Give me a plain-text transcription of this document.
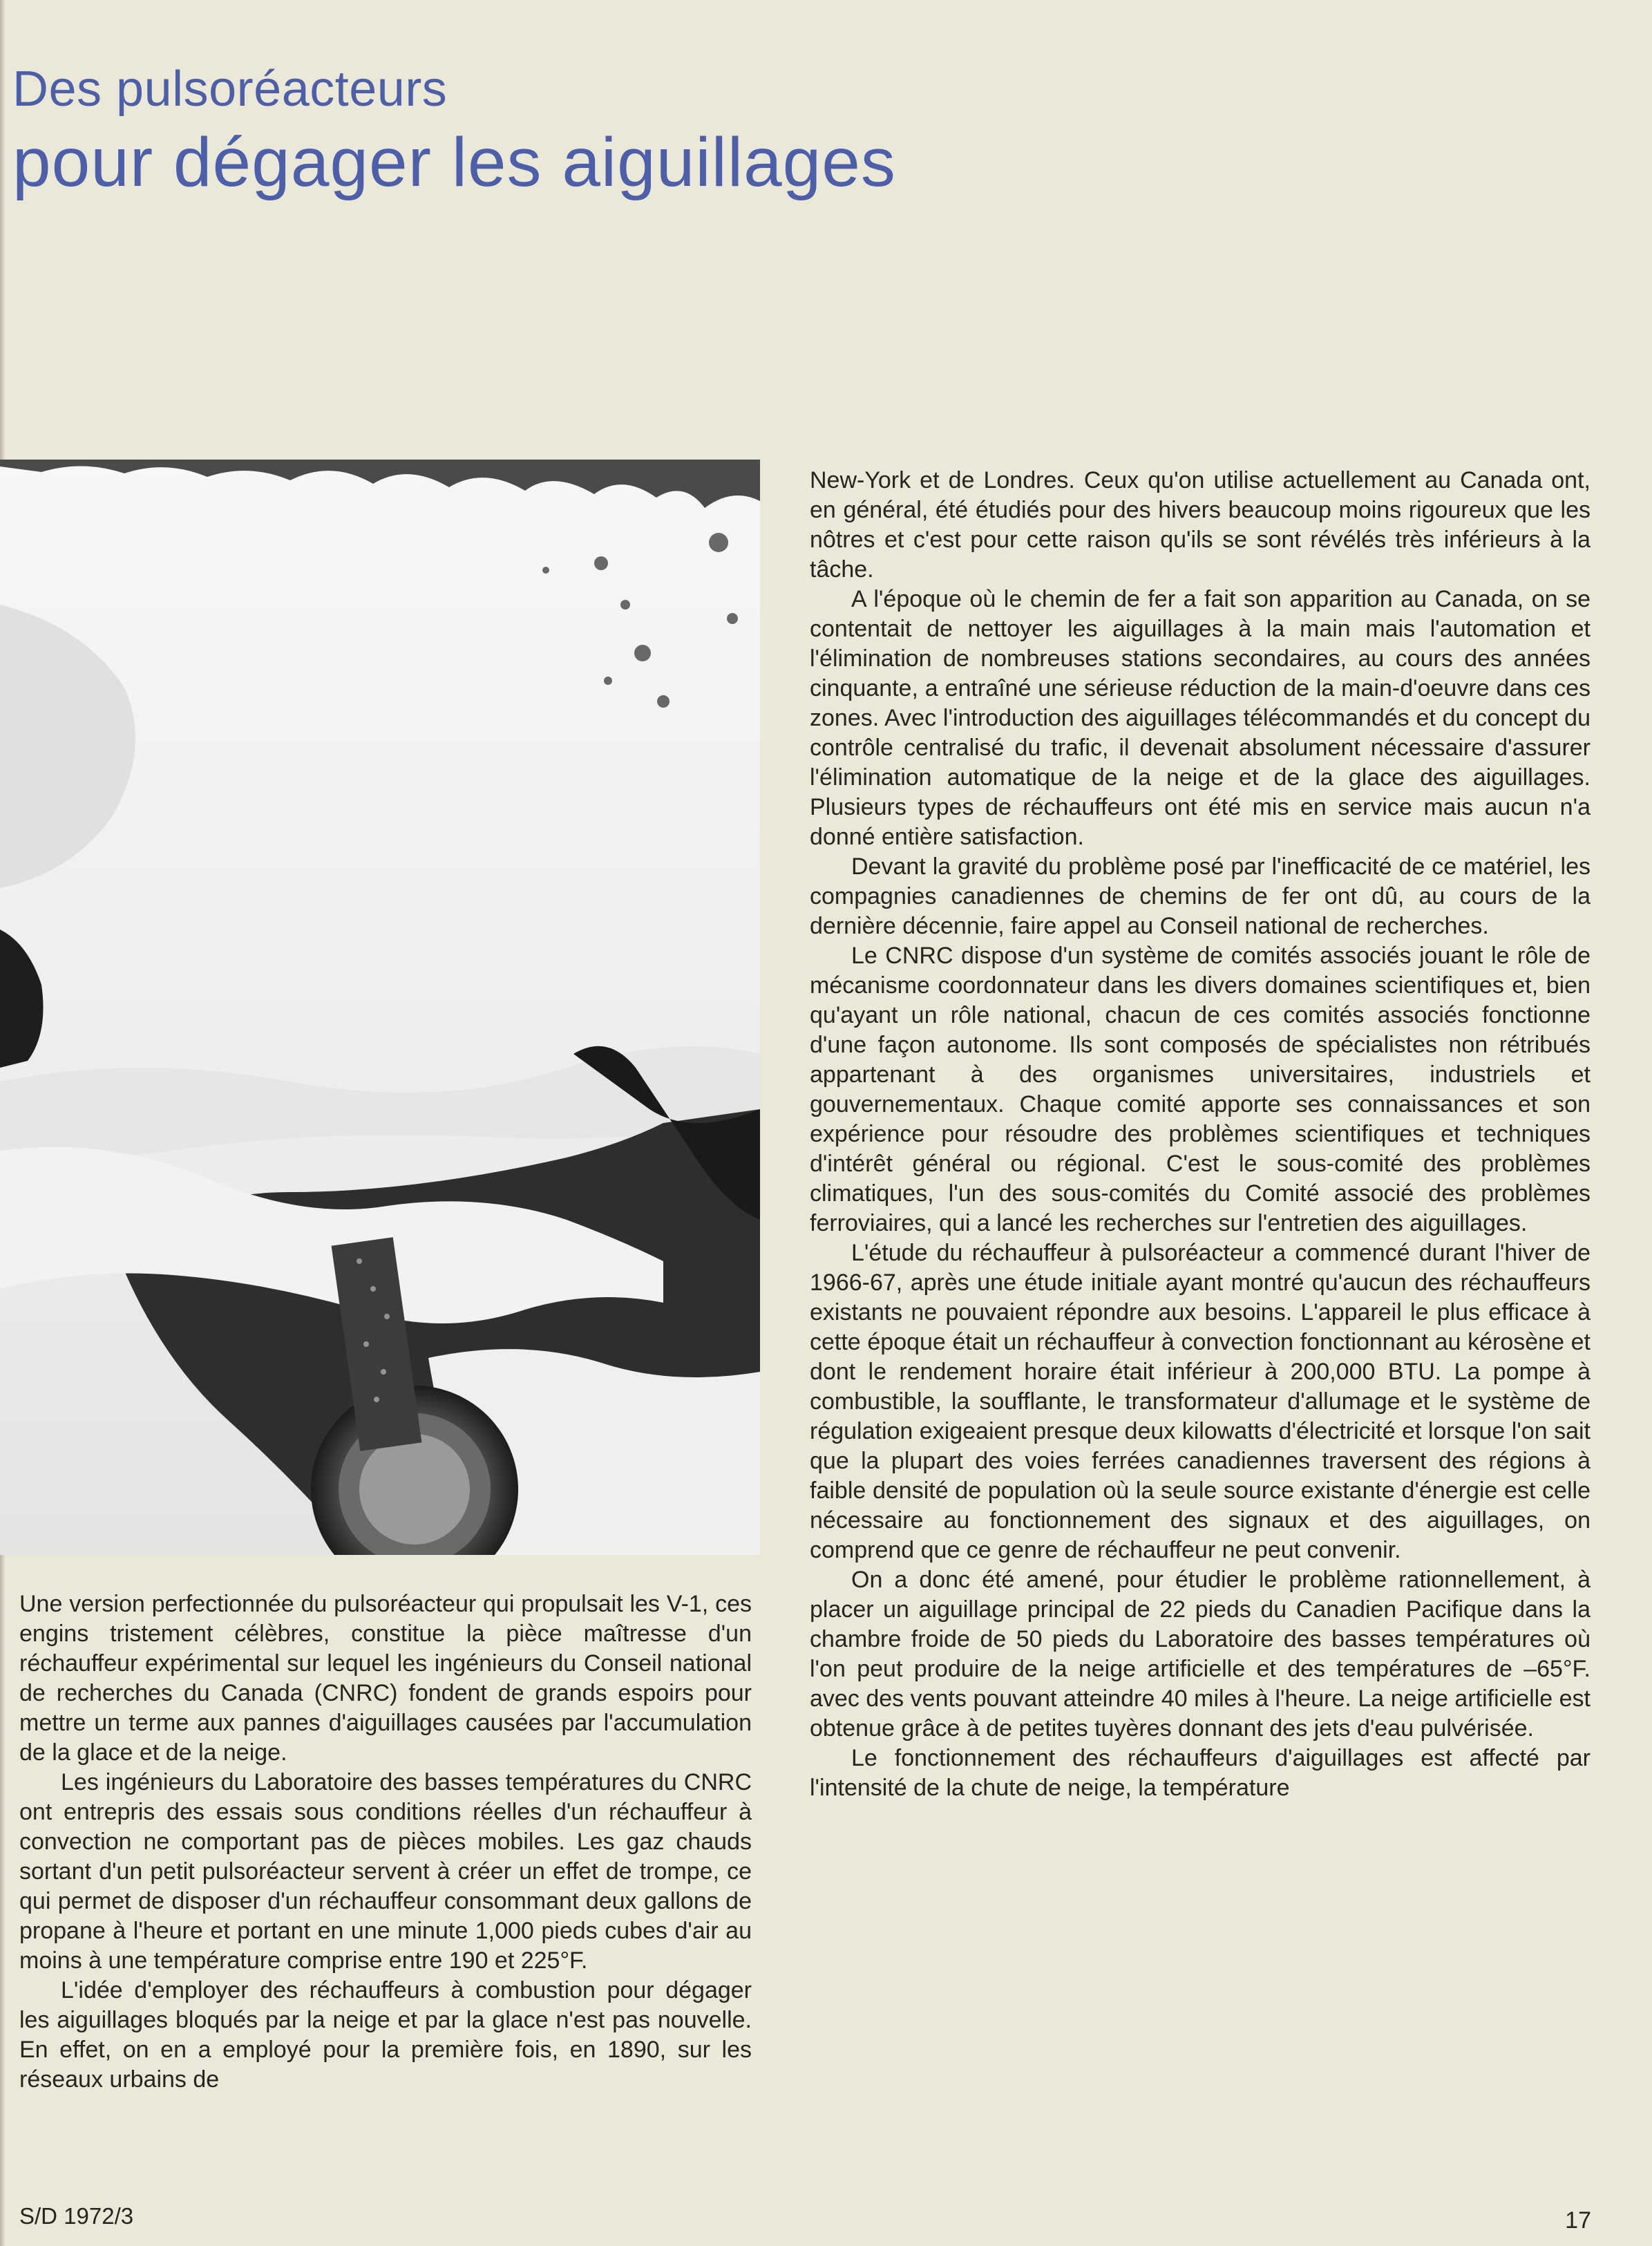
Des pulsoréacteurs
pour dégager les aiguillages

Une version perfectionnée du pulsoréacteur qui propulsait les V-1, ces engins tristement célèbres, constitue la pièce maîtresse d'un réchauffeur expérimental sur lequel les ingénieurs du Conseil national de recherches du Canada (CNRC) fondent de grands espoirs pour mettre un terme aux pannes d'aiguillages causées par l'accumulation de la glace et de la neige.

Les ingénieurs du Laboratoire des basses températures du CNRC ont entrepris des essais sous conditions réelles d'un réchauffeur à convection ne comportant pas de pièces mobiles. Les gaz chauds sortant d'un petit pulsoréacteur servent à créer un effet de trompe, ce qui permet de disposer d'un réchauffeur consommant deux gallons de propane à l'heure et portant en une minute 1,000 pieds cubes d'air au moins à une température comprise entre 190 et 225°F.

L'idée d'employer des réchauffeurs à combustion pour dégager les aiguillages bloqués par la neige et par la glace n'est pas nouvelle. En effet, on en a employé pour la première fois, en 1890, sur les réseaux urbains de

New-York et de Londres. Ceux qu'on utilise actuellement au Canada ont, en général, été étudiés pour des hivers beaucoup moins rigoureux que les nôtres et c'est pour cette raison qu'ils se sont révélés très inférieurs à la tâche.

A l'époque où le chemin de fer a fait son apparition au Canada, on se contentait de nettoyer les aiguillages à la main mais l'automation et l'élimination de nombreuses stations secondaires, au cours des années cinquante, a entraîné une sérieuse réduction de la main-d'oeuvre dans ces zones. Avec l'introduction des aiguillages télécommandés et du concept du contrôle centralisé du trafic, il devenait absolument nécessaire d'assurer l'élimination automatique de la neige et de la glace des aiguillages. Plusieurs types de réchauffeurs ont été mis en service mais aucun n'a donné entière satisfaction.

Devant la gravité du problème posé par l'inefficacité de ce matériel, les compagnies canadiennes de chemins de fer ont dû, au cours de la dernière décennie, faire appel au Conseil national de recherches.

Le CNRC dispose d'un système de comités associés jouant le rôle de mécanisme coordonnateur dans les divers domaines scientifiques et, bien qu'ayant un rôle national, chacun de ces comités associés fonctionne d'une façon autonome. Ils sont composés de spécialistes non rétribués appartenant à des organismes universitaires, industriels et gouvernementaux. Chaque comité apporte ses connaissances et son expérience pour résoudre des problèmes scientifiques et techniques d'intérêt général ou régional. C'est le sous-comité des problèmes climatiques, l'un des sous-comités du Comité associé des problèmes ferroviaires, qui a lancé les recherches sur l'entretien des aiguillages.

L'étude du réchauffeur à pulsoréacteur a commencé durant l'hiver de 1966-67, après une étude initiale ayant montré qu'aucun des réchauffeurs existants ne pouvaient répondre aux besoins. L'appareil le plus efficace à cette époque était un réchauffeur à convection fonctionnant au kérosène et dont le rendement horaire était inférieur à 200,000 BTU. La pompe à combustible, la soufflante, le transformateur d'allumage et le système de régulation exigeaient presque deux kilowatts d'électricité et lorsque l'on sait que la plupart des voies ferrées canadiennes traversent des régions à faible densité de population où la seule source existante d'énergie est celle nécessaire au fonctionnement des signaux et des aiguillages, on comprend que ce genre de réchauffeur ne peut convenir.

On a donc été amené, pour étudier le problème rationnellement, à placer un aiguillage principal de 22 pieds du Canadien Pacifique dans la chambre froide de 50 pieds du Laboratoire des basses températures où l'on peut produire de la neige artificielle et des températures de –65°F. avec des vents pouvant atteindre 40 miles à l'heure. La neige artificielle est obtenue grâce à de petites tuyères donnant des jets d'eau pulvérisée.

Le fonctionnement des réchauffeurs d'aiguillages est affecté par l'intensité de la chute de neige, la température

S/D 1972/3	17
